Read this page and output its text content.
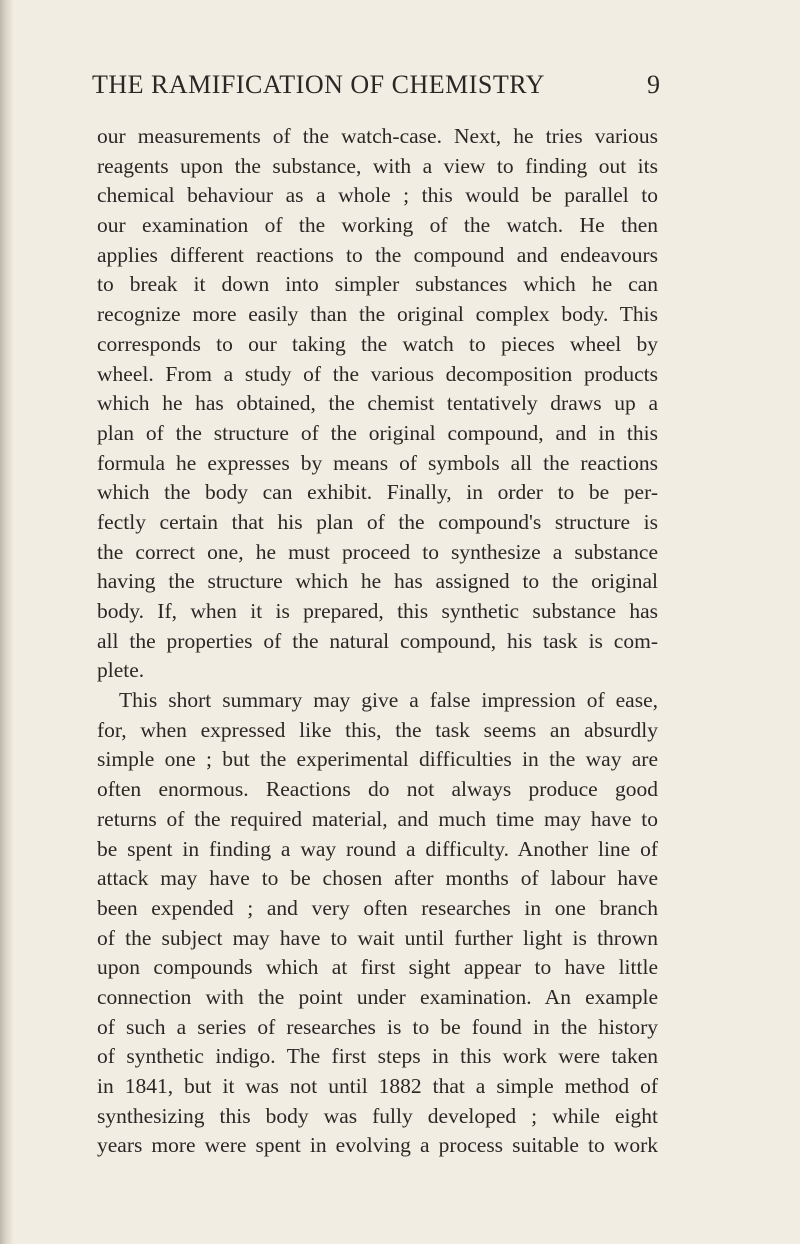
THE RAMIFICATION OF CHEMISTRY	9
our measurements of the watch-case. Next, he tries various
reagents upon the substance, with a view to finding out its
chemical behaviour as a whole ; this would be parallel to
our examination of the working of the watch. He then
applies different reactions to the compound and endeavours
to break it down into simpler substances which he can
recognize more easily than the original complex body. This
corresponds to our taking the watch to pieces wheel by
wheel. From a study of the various decomposition products
which he has obtained, the chemist tentatively draws up a
plan of the structure of the original compound, and in this
formula he expresses by means of symbols all the reactions
which the body can exhibit. Finally, in order to be per-
fectly certain that his plan of the compound's structure is
the correct one, he must proceed to synthesize a substance
having the structure which he has assigned to the original
body. If, when it is prepared, this synthetic substance has
all the properties of the natural compound, his task is com-
plete.
This short summary may give a false impression of ease,
for, when expressed like this, the task seems an absurdly
simple one ; but the experimental difficulties in the way are
often enormous. Reactions do not always produce good
returns of the required material, and much time may have to
be spent in finding a way round a difficulty. Another line of
attack may have to be chosen after months of labour have
been expended ; and very often researches in one branch
of the subject may have to wait until further light is thrown
upon compounds which at first sight appear to have little
connection with the point under examination. An example
of such a series of researches is to be found in the history
of synthetic indigo. The first steps in this work were taken
in 1841, but it was not until 1882 that a simple method of
synthesizing this body was fully developed ; while eight
years more were spent in evolving a process suitable to work
